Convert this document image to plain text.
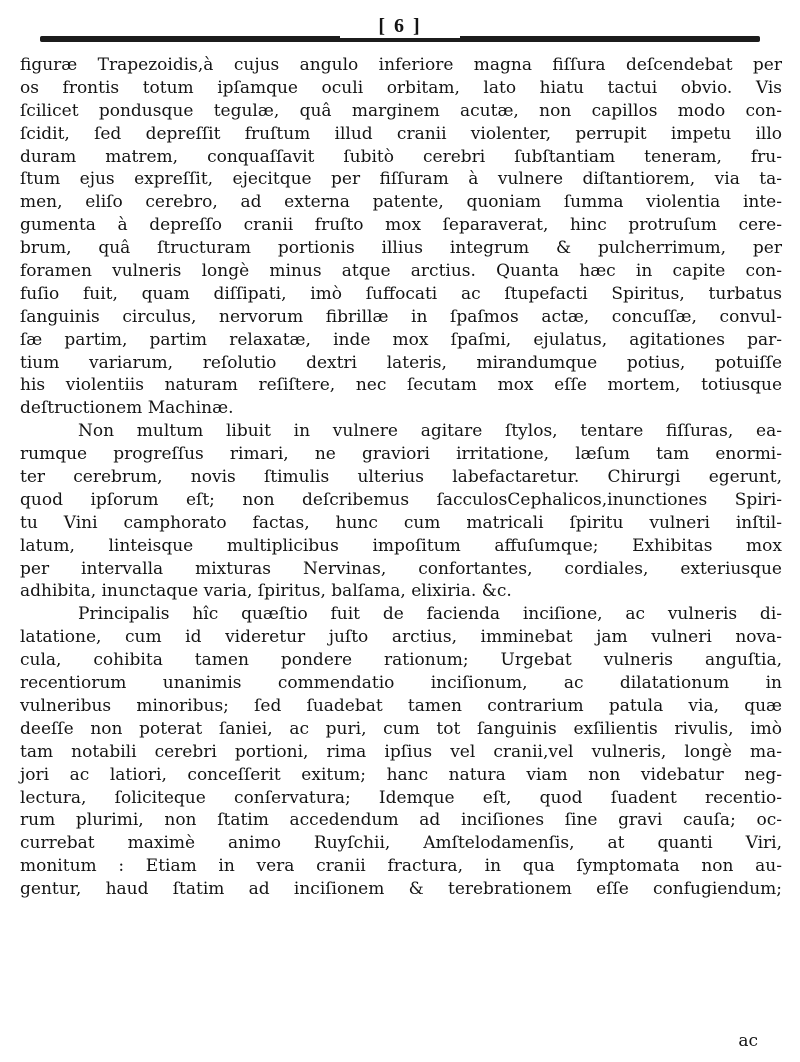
[ 6 ]
figuræ Trapezoidis,à cujus angulo inferiore magna fiſſura deſcendebat per
os frontis totum ipſamque oculi orbitam, lato hiatu tactui obvio. Vis
ſcilicet pondusque tegulæ, quâ marginem acutæ, non capillos modo con-
ſcidit, ſed depreſſit fruſtum illud cranii violenter, perrupit impetu illo
duram matrem, conquaſſavit ſubitò cerebri ſubſtantiam teneram, fru-
ſtum ejus expreſſit, ejecitque per fiſſuram à vulnere diſtantiorem, via ta-
men, eliſo cerebro, ad externa patente, quoniam ſumma violentia inte-
gumenta à depreſſo cranii fruſto mox ſeparaverat, hinc protruſum cere-
brum, quâ ſtructuram portionis illius integrum & pulcherrimum, per
foramen vulneris longè minus atque arctius. Quanta hæc in capite con-
fuſio fuit, quam diſſipati, imò ſuffocati ac ſtupefacti Spiritus, turbatus
ſanguinis circulus, nervorum fibrillæ in ſpaſmos actæ, concuſſæ, convul-
ſæ partim, partim relaxatæ, inde mox ſpaſmi, ejulatus, agitationes par-
tium variarum, reſolutio dextri lateris, mirandumque potius, potuiſſe
his violentiis naturam reſiſtere, nec ſecutam mox eſſe mortem, totiusque
deſtructionem Machinæ.
Non multum libuit in vulnere agitare ſtylos, tentare fiſſuras, ea-
rumque progreſſus rimari, ne graviori irritatione, læſum tam enormi-
ter cerebrum, novis ſtimulis ulterius labefactaretur. Chirurgi egerunt,
quod ipſorum eſt; non deſcribemus ſacculosCephalicos,inunctiones Spiri-
tu Vini camphorato factas, hunc cum matricali ſpiritu vulneri inſtil-
latum, linteisque multiplicibus impoſitum affuſumque; Exhibitas mox
per intervalla mixturas Nervinas, confortantes, cordiales, exteriusque
adhibita, inunctaque varia, ſpiritus, balſama, elixiria. &c.
Principalis hîc quæſtio fuit de facienda inciſione, ac vulneris di-
latatione, cum id videretur juſto arctius, imminebat jam vulneri nova-
cula, cohibita tamen pondere rationum; Urgebat vulneris anguſtia,
recentiorum unanimis commendatio inciſionum, ac dilatationum in
vulneribus minoribus; ſed ſuadebat tamen contrarium patula via, quæ
deeſſe non poterat ſaniei, ac puri, cum tot ſanguinis exſilientis rivulis, imò
tam notabili cerebri portioni, rima ipſius vel cranii,vel vulneris, longè ma-
jori ac latiori, conceſſerit exitum; hanc natura viam non videbatur neg-
lectura, ſoliciteque conſervatura; Idemque eſt, quod ſuadent recentio-
rum plurimi, non ſtatim accedendum ad inciſiones ſine gravi cauſa; oc-
currebat maximè animo Ruyſchii, Amſtelodamenſis, at quanti Viri,
monitum : Etiam in vera cranii fractura, in qua ſymptomata non au-
gentur, haud ſtatim ad inciſionem & terebrationem eſſe confugiendum;
ac
